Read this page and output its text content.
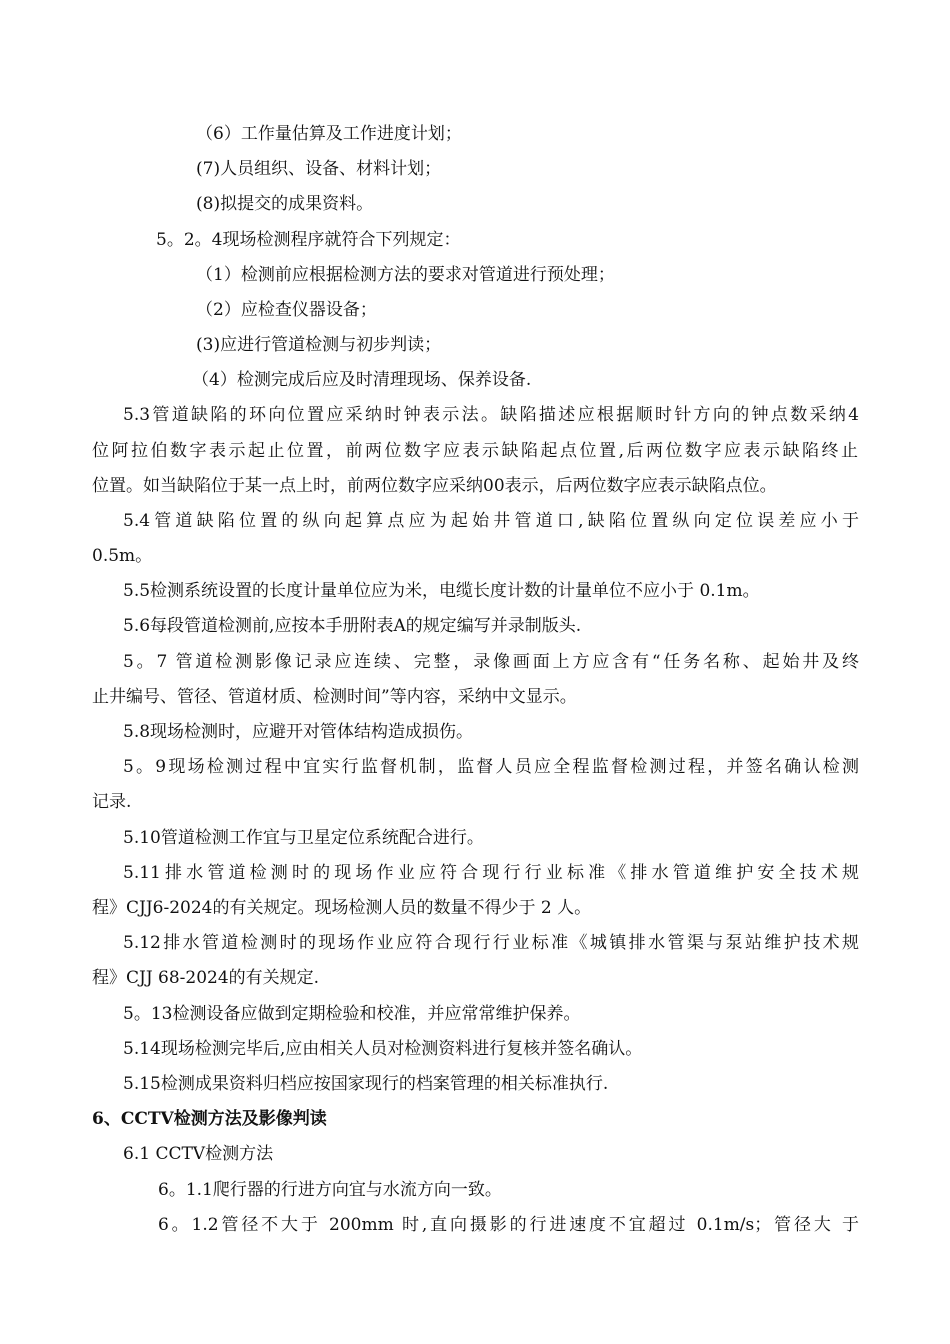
（6）工作量估算及工作进度计划；
(7)人员组织、设备、材料计划；
(8)拟提交的成果资料。
5。2。4现场检测程序就符合下列规定：
（1）检测前应根据检测方法的要求对管道进行预处理；
（2）应检查仪器设备；
(3)应进行管道检测与初步判读；
（4）检测完成后应及时清理现场、保养设备.
5.3管道缺陷的环向位置应采纳时钟表示法。缺陷描述应根据顺时针方向的钟点数采纳4
位阿拉伯数字表示起止位置，前两位数字应表示缺陷起点位置,后两位数字应表示缺陷终止
位置。如当缺陷位于某一点上时，前两位数字应采纳00表示，后两位数字应表示缺陷点位。
5.4管道缺陷位置的纵向起算点应为起始井管道口,缺陷位置纵向定位误差应小于
0.5m。
5.5检测系统设置的长度计量单位应为米，电缆长度计数的计量单位不应小于 0.1m。
5.6每段管道检测前,应按本手册附表A的规定编写并录制版头.
5。7 管道检测影像记录应连续、完整，录像画面上方应含有“任务名称、起始井及终
止井编号、管径、管道材质、检测时间”等内容，采纳中文显示。
5.8现场检测时，应避开对管体结构造成损伤。
5。9现场检测过程中宜实行监督机制，监督人员应全程监督检测过程，并签名确认检测
记录.
5.10管道检测工作宜与卫星定位系统配合进行。
5.11排水管道检测时的现场作业应符合现行行业标准《排水管道维护安全技术规
程》CJJ6-2024的有关规定。现场检测人员的数量不得少于 2 人。
5.12排水管道检测时的现场作业应符合现行行业标准《城镇排水管渠与泵站维护技术规
程》CJJ 68-2024的有关规定.
5。13检测设备应做到定期检验和校准，并应常常维护保养。
5.14现场检测完毕后,应由相关人员对检测资料进行复核并签名确认。
5.15检测成果资料归档应按国家现行的档案管理的相关标准执行.
6、CCTV检测方法及影像判读
6.1 CCTV检测方法
6。1.1爬行器的行进方向宜与水流方向一致。
6。1.2管径不大于 200mm 时,直向摄影的行进速度不宜超过 0.1m/s；管径大 于
